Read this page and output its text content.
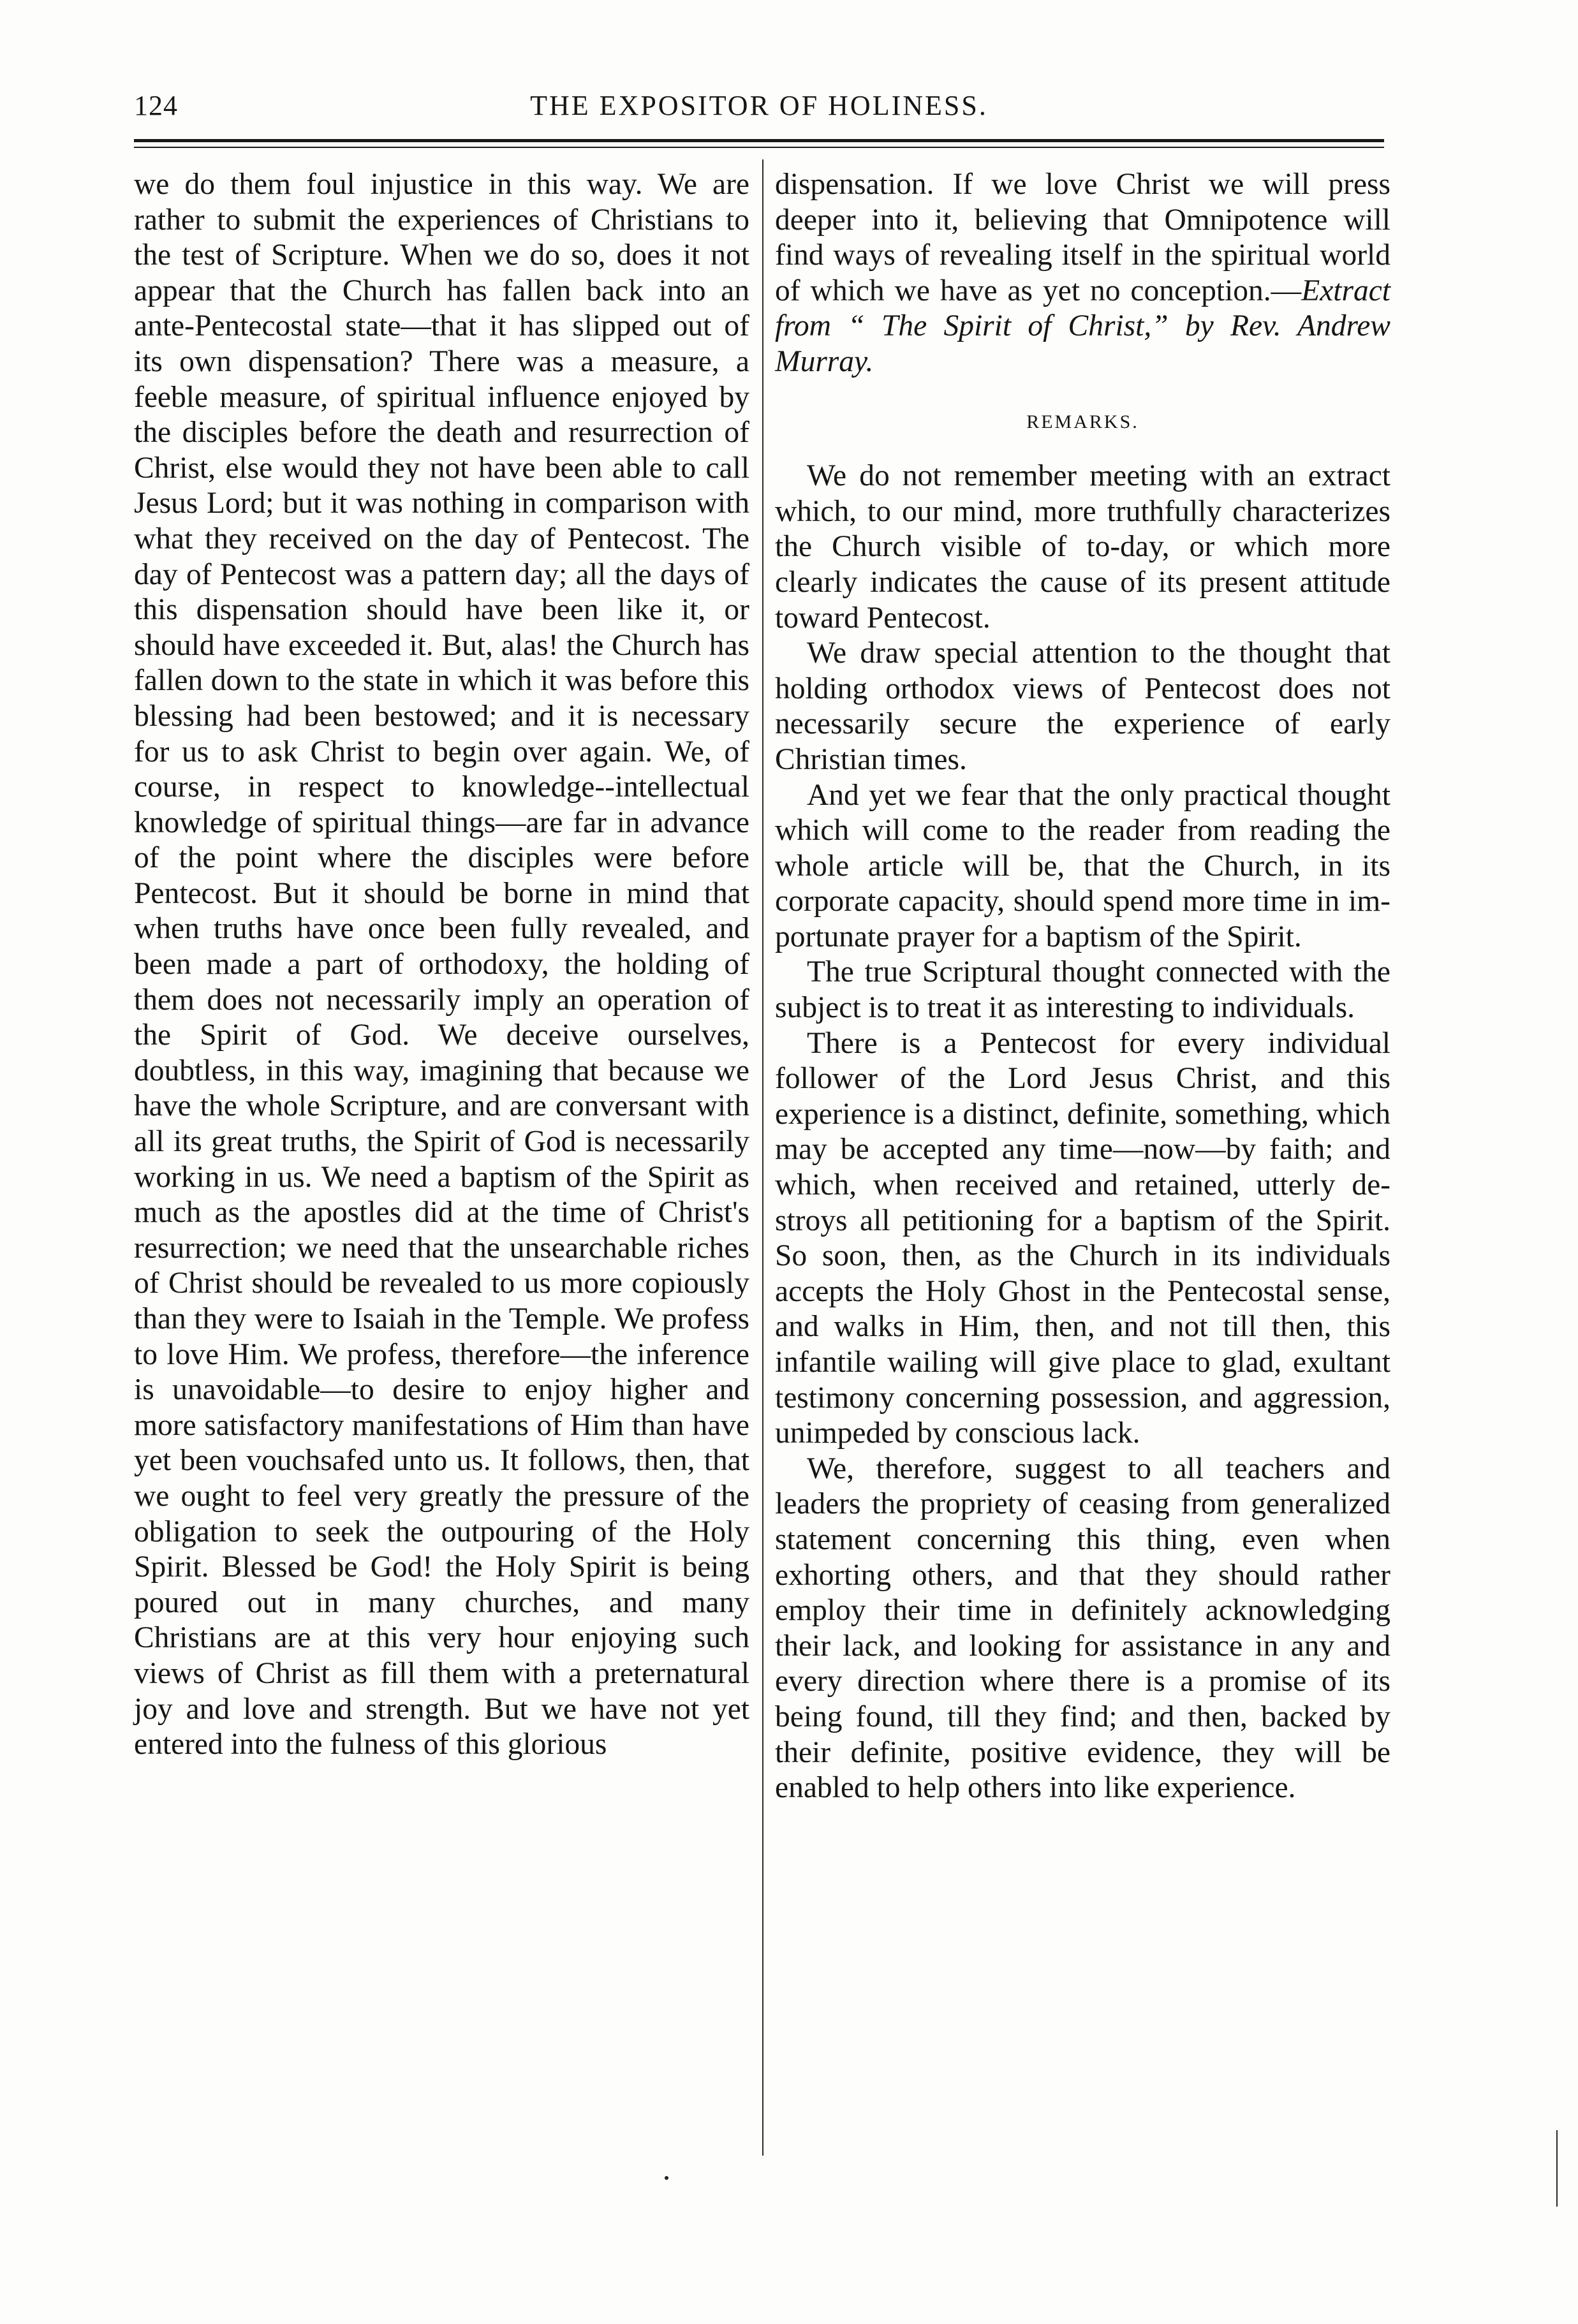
124	THE EXPOSITOR OF HOLINESS.

we do them foul injustice in this way. We are rather to submit the experiences of Christians to the test of Scripture. When we do so, does it not appear that the Church has fallen back into an ante-Pentecostal state—that it has slipped out of its own dispensation? There was a measure, a feeble measure, of spiritual influence enjoyed by the disciples before the death and resurrection of Christ, else would they not have been able to call Jesus Lord; but it was nothing in comparison with what they received on the day of Pentecost. The day of Pentecost was a pattern day; all the days of this dispensation should have been like it, or should have exceeded it. But, alas! the Church has fallen down to the state in which it was before this blessing had been bestowed; and it is necessary for us to ask Christ to begin over again. We, of course, in respect to knowledge--intellectual knowledge of spiritual things—are far in advance of the point where the disciples were before Pentecost. But it should be borne in mind that when truths have once been fully revealed, and been made a part of orthodoxy, the holding of them does not necessarily imply an operation of the Spirit of God. We deceive ourselves, doubtless, in this way, imagining that because we have the whole Scripture, and are conversant with all its great truths, the Spirit of God is necessarily working in us. We need a baptism of the Spirit as much as the apostles did at the time of Christ's resurrection; we need that the unsearchable riches of Christ should be revealed to us more copiously than they were to Isaiah in the Temple. We profess to love Him. We profess, therefore—the inference is unavoidable—to desire to enjoy higher and more satisfactory manifestations of Him than have yet been vouchsafed unto us. It follows, then, that we ought to feel very greatly the pressure of the obligation to seek the outpouring of the Holy Spirit. Blessed be God! the Holy Spirit is being poured out in many churches, and many Christians are at this very hour enjoying such views of Christ as fill them with a preternatural joy and love and strength. But we have not yet entered into the fulness of this glorious

dispensation. If we love Christ we will press deeper into it, believing that Omnipotence will find ways of revealing itself in the spiritual world of which we have as yet no conception.—Extract from “ The Spirit of Christ,” by Rev. Andrew Murray.

REMARKS.

We do not remember meeting with an extract which, to our mind, more truthfully characterizes the Church visible of to-day, or which more clearly indicates the cause of its present attitude toward Pentecost.

We draw special attention to the thought that holding orthodox views of Pentecost does not necessarily secure the experience of early Christian times.

And yet we fear that the only practical thought which will come to the reader from reading the whole article will be, that the Church, in its corporate capacity, should spend more time in importunate prayer for a baptism of the Spirit.

The true Scriptural thought connected with the subject is to treat it as interesting to individuals.

There is a Pentecost for every individual follower of the Lord Jesus Christ, and this experience is a distinct, definite, something, which may be accepted any time—now—by faith; and which, when received and retained, utterly destroys all petitioning for a baptism of the Spirit. So soon, then, as the Church in its individuals accepts the Holy Ghost in the Pentecostal sense, and walks in Him, then, and not till then, this infantile wailing will give place to glad, exultant testimony concerning possession, and aggression, unimpeded by conscious lack.

We, therefore, suggest to all teachers and leaders the propriety of ceasing from generalized statement concerning this thing, even when exhorting others, and that they should rather employ their time in definitely acknowledging their lack, and looking for assistance in any and every direction where there is a promise of its being found, till they find; and then, backed by their definite, positive evidence, they will be enabled to help others into like experience.
